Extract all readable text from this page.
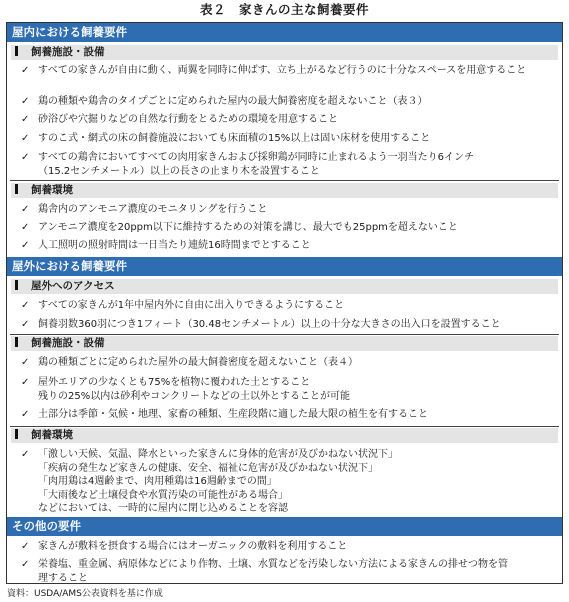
表２　家きんの主な飼養要件
屋内における飼養要件
飼養施設・設備
✓ すべての家きんが自由に動く、両翼を同時に伸ばす、立ち上がるなど行うのに十分なスペースを用意すること
✓ 鶏の種類や鶏舎のタイプごとに定められた屋内の最大飼養密度を超えないこと（表３）
✓ 砂浴びや穴掘りなどの自然な行動をとるための環境を用意すること
✓ すのこ式・網式の床の飼養施設においても床面積の15%以上は固い床材を使用すること
✓ すべての鶏舎においてすべての肉用家きんおよび採卵鶏が同時に止まれるよう一羽当たり6インチ
（15.2センチメートル）以上の長さの止まり木を設置すること
飼養環境
✓ 鶏舎内のアンモニア濃度のモニタリングを行うこと
✓ アンモニア濃度を20ppm以下に維持するための対策を講じ、最大でも25ppmを超えないこと
✓ 人工照明の照射時間は一日当たり連続16時間までとすること
屋外における飼養要件
屋外へのアクセス
✓ すべての家きんが1年中屋内外に自由に出入りできるようにすること
✓ 飼養羽数360羽につき1フィート（30.48センチメートル）以上の十分な大きさの出入口を設置すること
飼養施設・設備
✓ 鶏の種類ごとに定められた屋外の最大飼養密度を超えないこと（表４）
✓ 屋外エリアの少なくとも75%を植物に覆われた土とすること
残りの25%以内は砂利やコンクリートなどの土以外とすることが可能
✓ 土部分は季節・気候・地理、家畜の種類、生産段階に適した最大限の植生を有すること
飼養環境
✓ 「激しい天候、気温、降水といった家きんに身体的危害が及びかねない状況下」
「疾病の発生など家きんの健康、安全、福祉に危害が及びかねない状況下」
「肉用鶏は4週齢まで、肉用種鶏は16週齢までの間」
「大雨後など土壌侵食や水質汚染の可能性がある場合」
などにおいては、一時的に屋内に閉じ込めることを容認
その他の要件
✓ 家きんが敷料を摂食する場合にはオーガニックの敷料を利用すること
✓ 栄養塩、重金属、病原体などにより作物、土壌、水質などを汚染しない方法による家きんの排せつ物を管
理すること
資料：USDA/AMS公表資料を基に作成
